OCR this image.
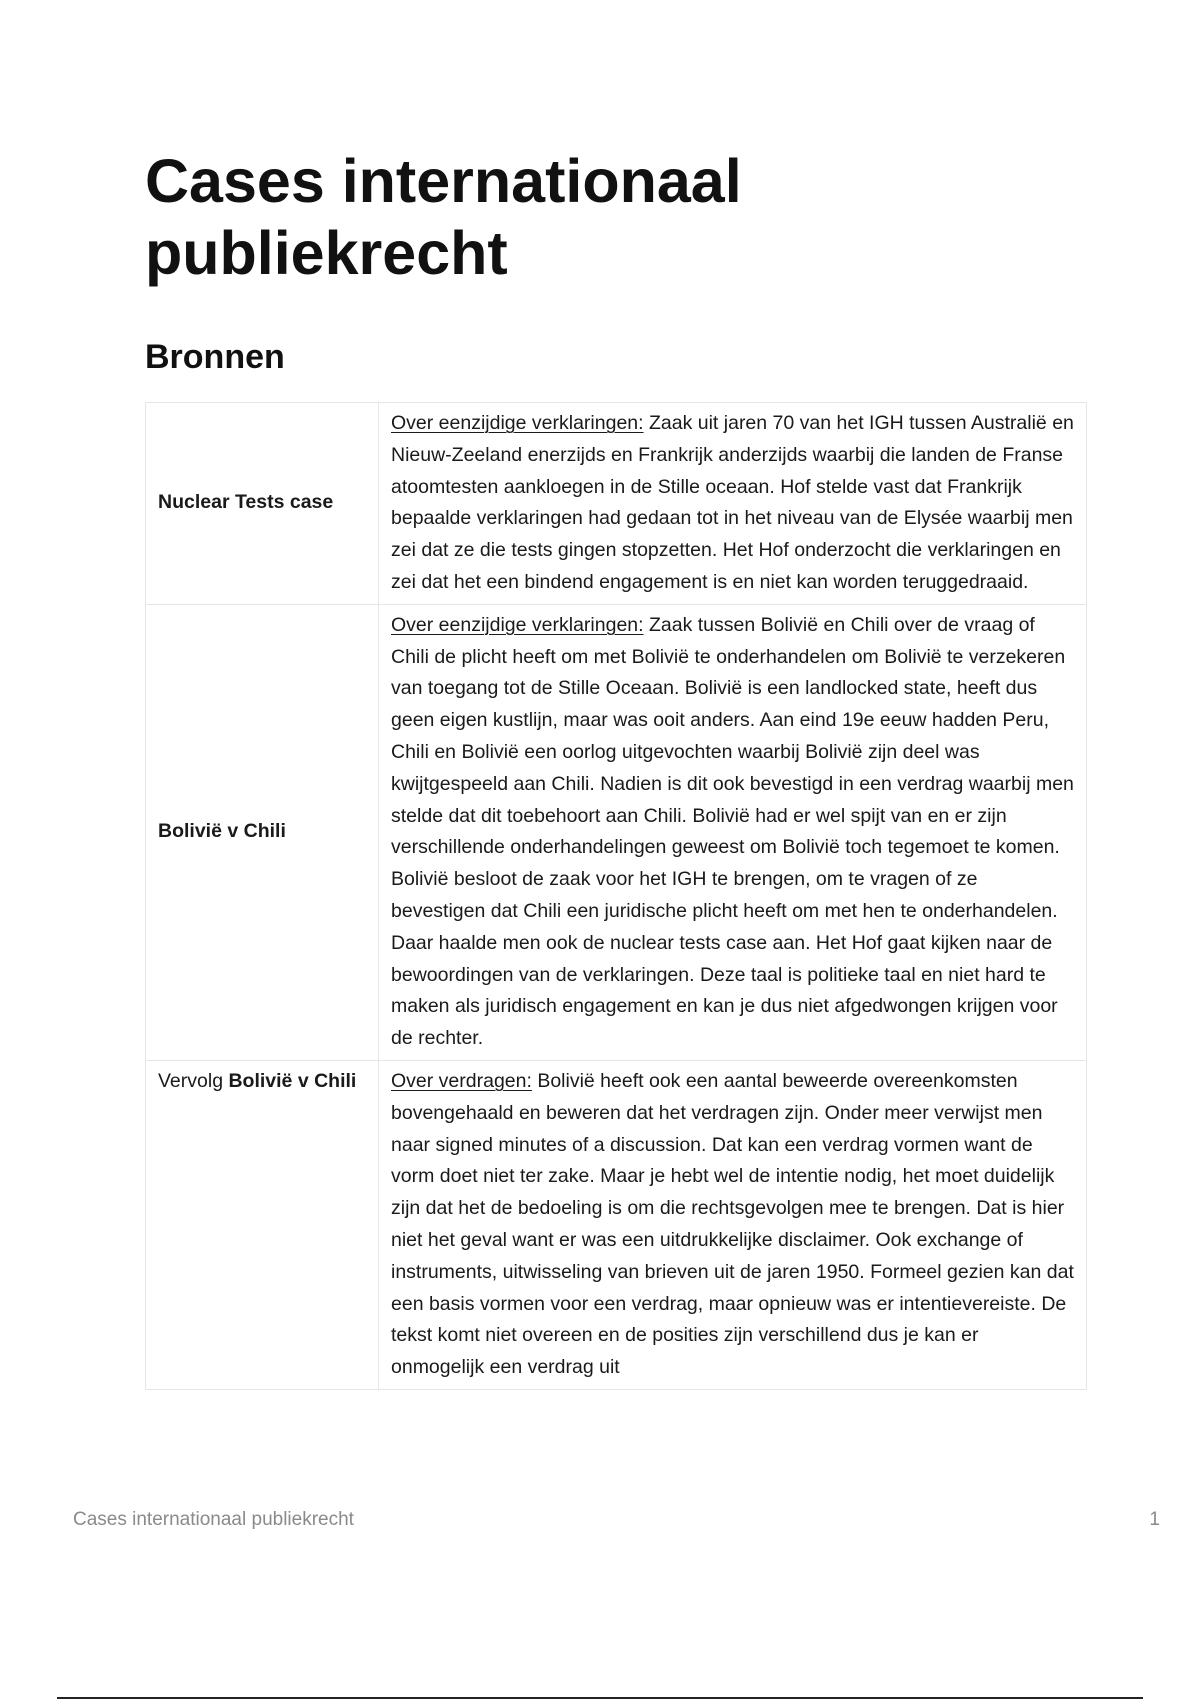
Cases internationaal publiekrecht
Bronnen
Nuclear Tests case	Over eenzijdige verklaringen: Zaak uit jaren 70 van het IGH tussen Australië en Nieuw-Zeeland enerzijds en Frankrijk anderzijds waarbij die landen de Franse atoomtesten aankloegen in de Stille oceaan. Hof stelde vast dat Frankrijk bepaalde verklaringen had gedaan tot in het niveau van de Elysée waarbij men zei dat ze die tests gingen stopzetten. Het Hof onderzocht die verklaringen en zei dat het een bindend engagement is en niet kan worden teruggedraaid.
Bolivië v Chili	Over eenzijdige verklaringen: Zaak tussen Bolivië en Chili over de vraag of Chili de plicht heeft om met Bolivië te onderhandelen om Bolivië te verzekeren van toegang tot de Stille Oceaan. Bolivië is een landlocked state, heeft dus geen eigen kustlijn, maar was ooit anders. Aan eind 19e eeuw hadden Peru, Chili en Bolivië een oorlog uitgevochten waarbij Bolivië zijn deel was kwijtgespeeld aan Chili. Nadien is dit ook bevestigd in een verdrag waarbij men stelde dat dit toebehoort aan Chili. Bolivië had er wel spijt van en er zijn verschillende onderhandelingen geweest om Bolivië toch tegemoet te komen. Bolivië besloot de zaak voor het IGH te brengen, om te vragen of ze bevestigen dat Chili een juridische plicht heeft om met hen te onderhandelen. Daar haalde men ook de nuclear tests case aan. Het Hof gaat kijken naar de bewoordingen van de verklaringen. Deze taal is politieke taal en niet hard te maken als juridisch engagement en kan je dus niet afgedwongen krijgen voor de rechter.
Vervolg Bolivië v Chili	Over verdragen: Bolivië heeft ook een aantal beweerde overeenkomsten bovengehaald en beweren dat het verdragen zijn. Onder meer verwijst men naar signed minutes of a discussion. Dat kan een verdrag vormen want de vorm doet niet ter zake. Maar je hebt wel de intentie nodig, het moet duidelijk zijn dat het de bedoeling is om die rechtsgevolgen mee te brengen. Dat is hier niet het geval want er was een uitdrukkelijke disclaimer. Ook exchange of instruments, uitwisseling van brieven uit de jaren 1950. Formeel gezien kan dat een basis vormen voor een verdrag, maar opnieuw was er intentievereiste. De tekst komt niet overeen en de posities zijn verschillend dus je kan er onmogelijk een verdrag uit
Cases internationaal publiekrecht	1
